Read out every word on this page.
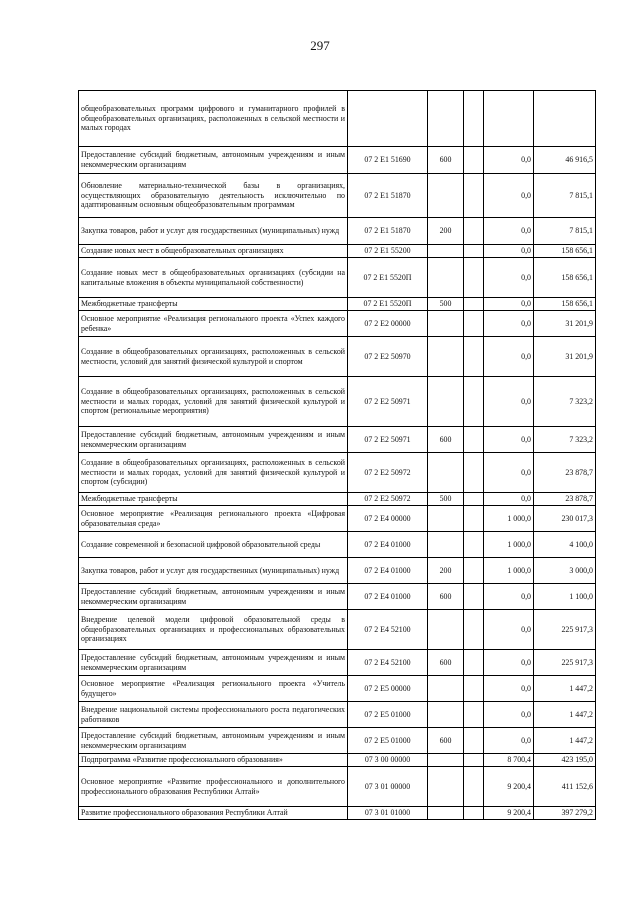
297
общеобразовательных программ цифрового и гуманитарного профилей в общеобразовательных организациях, расположенных в сельской местности и малых городах					
Предоставление субсидий бюджетным, автономным учреждениям и иным некоммерческим организациям	07 2 E1 51690	600		0,0	46 916,5
Обновление материально-технической базы в организациях, осуществляющих образовательную деятельность исключительно по адаптированным основным общеобразовательным программам	07 2 E1 51870			0,0	7 815,1
Закупка товаров, работ и услуг для государственных (муниципальных) нужд	07 2 E1 51870	200		0,0	7 815,1
Создание новых мест в общеобразовательных организациях	07 2 E1 55200			0,0	158 656,1
Создание новых мест в общеобразовательных организациях (субсидии на капитальные вложения в объекты муниципальной собственности)	07 2 E1 5520П			0,0	158 656,1
Межбюджетные трансферты	07 2 E1 5520П	500		0,0	158 656,1
Основное мероприятие «Реализация регионального проекта «Успех каждого ребенка»	07 2 E2 00000			0,0	31 201,9
Создание в общеобразовательных организациях, расположенных в сельской местности, условий для занятий физической культурой и спортом	07 2 E2 50970			0,0	31 201,9
Создание в общеобразовательных организациях, расположенных в сельской местности и малых городах, условий для занятий физической культурой и спортом (региональные мероприятия)	07 2 E2 50971			0,0	7 323,2
Предоставление субсидий бюджетным, автономным учреждениям и иным некоммерческим организациям	07 2 E2 50971	600		0,0	7 323,2
Создание в общеобразовательных организациях, расположенных в сельской местности и малых городах, условий для занятий физической культурой и спортом (субсидии)	07 2 E2 50972			0,0	23 878,7
Межбюджетные трансферты	07 2 E2 50972	500		0,0	23 878,7
Основное мероприятие «Реализация регионального проекта «Цифровая образовательная среда»	07 2 E4 00000			1 000,0	230 017,3
Создание современной и безопасной цифровой образовательной среды	07 2 E4 01000			1 000,0	4 100,0
Закупка товаров, работ и услуг для государственных (муниципальных) нужд	07 2 E4 01000	200		1 000,0	3 000,0
Предоставление субсидий бюджетным, автономным учреждениям и иным некоммерческим организациям	07 2 E4 01000	600		0,0	1 100,0
Внедрение целевой модели цифровой образовательной среды в общеобразовательных организациях и профессиональных образовательных организациях	07 2 E4 52100			0,0	225 917,3
Предоставление субсидий бюджетным, автономным учреждениям и иным некоммерческим организациям	07 2 E4 52100	600		0,0	225 917,3
Основное мероприятие «Реализация регионального проекта «Учитель будущего»	07 2 E5 00000			0,0	1 447,2
Внедрение национальной системы профессионального роста педагогических работников	07 2 E5 01000			0,0	1 447,2
Предоставление субсидий бюджетным, автономным учреждениям и иным некоммерческим организациям	07 2 E5 01000	600		0,0	1 447,2
Подпрограмма «Развитие профессионального образования»	07 3 00 00000			8 700,4	423 195,0
Основное мероприятие «Развитие профессионального и дополнительного профессионального образования Республики Алтай»	07 3 01 00000			9 200,4	411 152,6
Развитие профессионального образования Республики Алтай	07 3 01 01000			9 200,4	397 279,2
